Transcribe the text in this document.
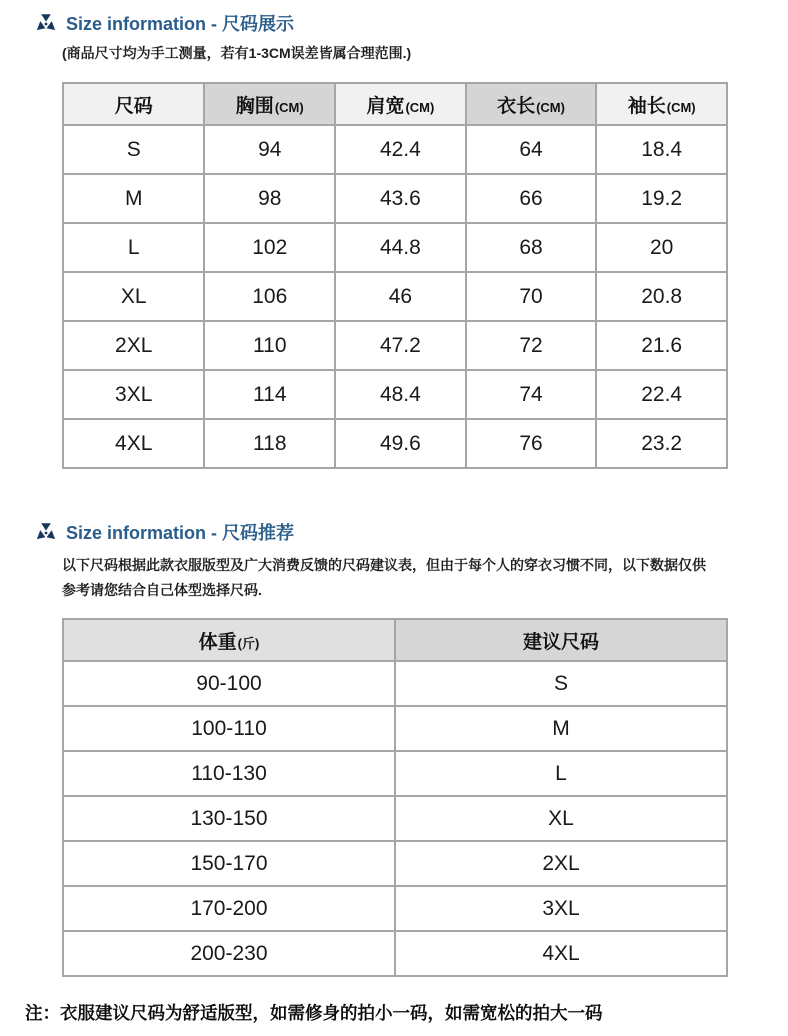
Size information - 尺码展示
(商品尺寸均为手工测量，若有1-3CM误差皆属合理范围.)
尺码	胸围(CM)	肩宽(CM)	衣长(CM)	袖长(CM)
S	94	42.4	64	18.4
M	98	43.6	66	19.2
L	102	44.8	68	20
XL	106	46	70	20.8
2XL	110	47.2	72	21.6
3XL	114	48.4	74	22.4
4XL	118	49.6	76	23.2
Size information - 尺码推荐
以下尺码根据此款衣服版型及广大消费反馈的尺码建议表，但由于每个人的穿衣习惯不同，以下数据仅供参考请您结合自己体型选择尺码.
体重(斤)	建议尺码
90-100	S
100-110	M
110-130	L
130-150	XL
150-170	2XL
170-200	3XL
200-230	4XL
注：衣服建议尺码为舒适版型，如需修身的拍小一码，如需宽松的拍大一码
